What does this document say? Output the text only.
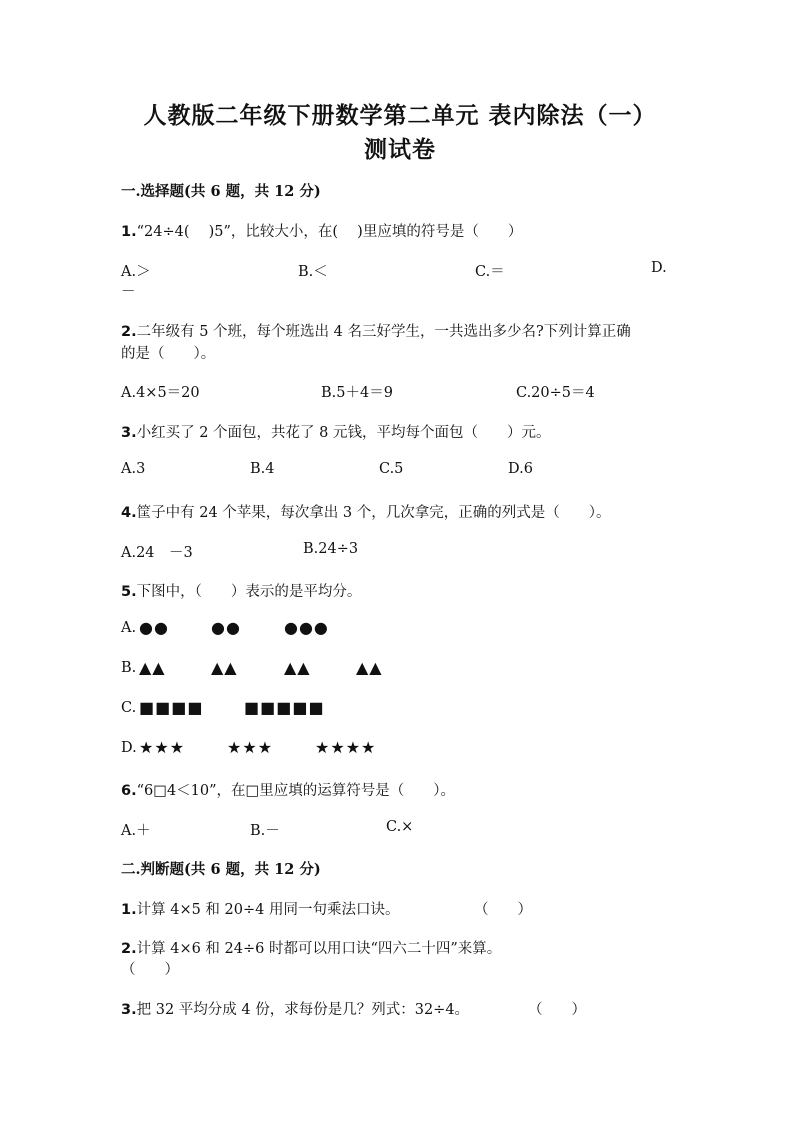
人教版二年级下册数学第二单元 表内除法（一）
测试卷
一.选择题(共 6 题，共 12 分)
1.“24÷4(　 )5”，比较大小，在(　 )里应填的符号是（　　）
A.＞	B.＜	C.＝	D.
－
2.二年级有 5 个班，每个班选出 4 名三好学生，一共选出多少名?下列计算正确
的是（　　）。
A.4×5＝20	B.5＋4＝9	C.20÷5＝4
3.小红买了 2 个面包，共花了 8 元钱，平均每个面包（　　）元。
A.3	B.4	C.5	D.6
4.筐子中有 24 个苹果，每次拿出 3 个，几次拿完，正确的列式是（　　）。
A.24　－3	B.24÷3
5.下图中，（　　）表示的是平均分。
A. ●●	●●	●●●
B. ▲▲	▲▲	▲▲	▲▲
C. ■■■■	■■■■■
D. ★★★	★★★	★★★★
6.“6□4＜10”，在□里应填的运算符号是（　　）。
A.＋	B.－	C.×
二.判断题(共 6 题，共 12 分)
1.计算 4×5 和 20÷4 用同一句乘法口诀。	（　　）
2.计算 4×6 和 24÷6 时都可以用口诀“四六二十四”来算。
（　　）
3.把 32 平均分成 4 份，求每份是几？列式：32÷4。	（　　）
